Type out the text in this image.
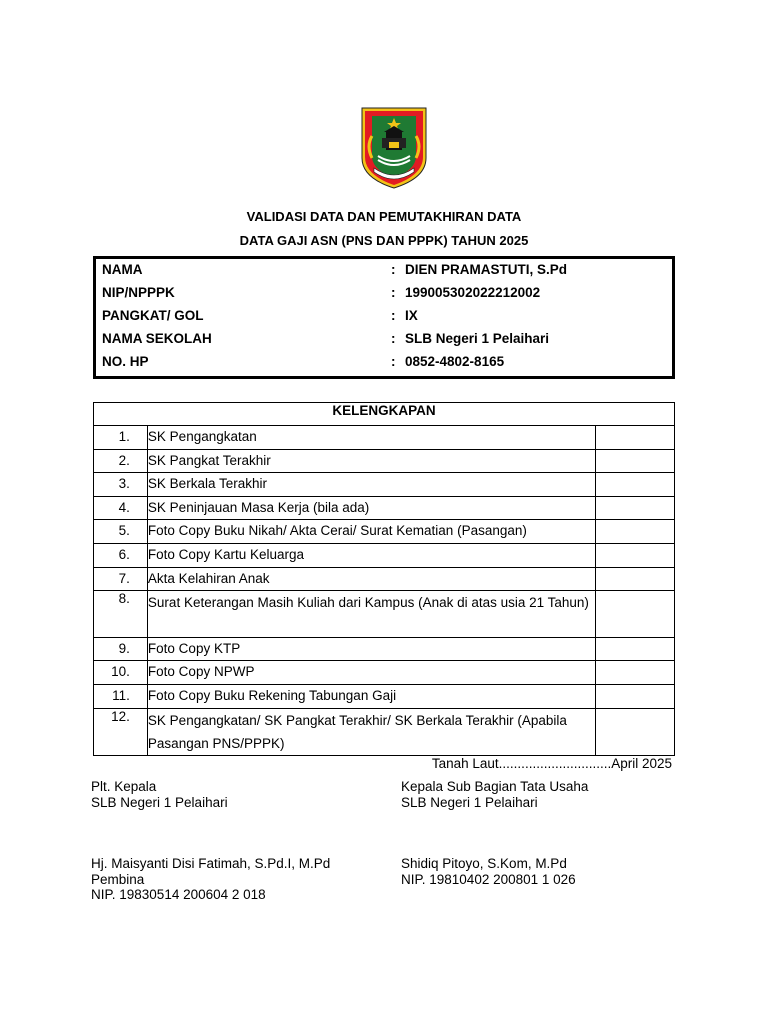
VALIDASI DATA DAN PEMUTAKHIRAN DATA
DATA GAJI ASN (PNS DAN PPPK) TAHUN 2025
NAMA	: DIEN PRAMASTUTI, S.Pd
NIP/NPPPK	: 199005302022212002
PANGKAT/ GOL	: IX
NAMA SEKOLAH	: SLB Negeri 1 Pelaihari
NO. HP	: 0852-4802-8165
KELENGKAPAN		
1.	SK Pengangkatan	
2.	SK Pangkat Terakhir	
3.	SK Berkala Terakhir	
4.	SK Peninjauan Masa Kerja (bila ada)	
5.	Foto Copy Buku Nikah/ Akta Cerai/ Surat Kematian (Pasangan)	
6.	Foto Copy Kartu Keluarga	
7.	Akta Kelahiran Anak	
8.	Surat Keterangan Masih Kuliah dari Kampus (Anak di atas usia 21 Tahun)	
9.	Foto Copy KTP	
10.	Foto Copy NPWP	
11.	Foto Copy Buku Rekening Tabungan Gaji	
12.	SK Pengangkatan/ SK Pangkat Terakhir/ SK Berkala Terakhir (Apabila Pasangan PNS/PPPK)	
Tanah Laut..............................April 2025
Plt. Kepala
SLB Negeri 1 Pelaihari
Hj. Maisyanti Disi Fatimah, S.Pd.I, M.Pd
Pembina
NIP. 19830514 200604 2 018
Kepala Sub Bagian Tata Usaha
SLB Negeri 1 Pelaihari
Shidiq Pitoyo, S.Kom, M.Pd
NIP. 19810402 200801 1 026
